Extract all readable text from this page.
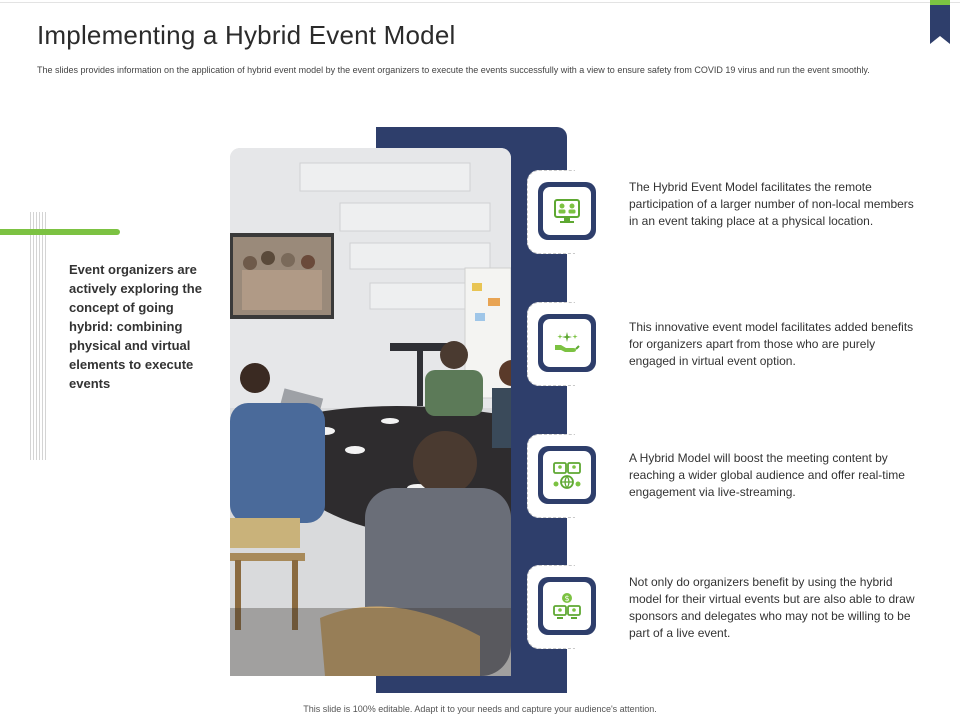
Implementing a Hybrid Event Model

The slides provides information on the application of hybrid event model by the event organizers to execute the events successfully with a view to ensure safety from COVID 19 virus and run the event smoothly.

Event organizers are actively exploring the concept of going hybrid: combining physical and virtual elements to execute events

The Hybrid Event Model facilitates the remote participation of a larger number of non-local members in an event taking place at a physical location.

This innovative event model facilitates added benefits for organizers apart from those who are purely engaged in virtual event option.

A Hybrid Model will boost the meeting content by reaching a wider global audience and offer real-time engagement via live-streaming.

$

Not only do organizers benefit by using the hybrid model for their virtual events but are also able to draw sponsors and delegates who may not be willing to be part of a live event.

This slide is 100% editable. Adapt it to your needs and capture your audience's attention.
